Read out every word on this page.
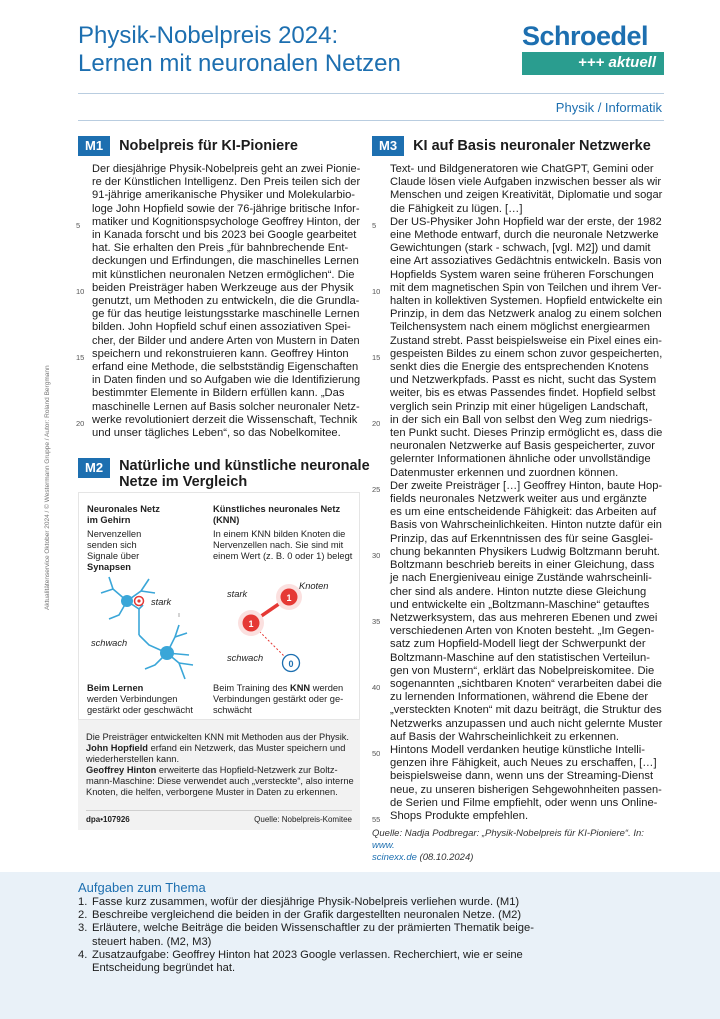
Physik-Nobelpreis 2024:
Lernen mit neuronalen Netzen
Schroedel
+++ aktuell
Physik / Informatik
Aktualitätenservice Oktober 2024 / © Westermann Gruppe / Autor: Roland Bergmann
M1	Nobelpreis für KI-Pioniere
5
10
15
20
Der diesjährige Physik-Nobelpreis geht an zwei Pionie-
re der Künstlichen Intelligenz. Den Preis teilen sich der
91-jährige amerikanische Physiker und Molekularbio-
loge John Hopfield sowie der 76-jährige britische Infor-
matiker und Kognitionspsychologe Geoffrey Hinton, der
in Kanada forscht und bis 2023 bei Google gearbeitet
hat. Sie erhalten den Preis „für bahnbrechende Ent-
deckungen und Erfindungen, die maschinelles Lernen
mit künstlichen neuronalen Netzen ermöglichen“. Die
beiden Preisträger haben Werkzeuge aus der Physik
genutzt, um Methoden zu entwickeln, die die Grundla-
ge für das heutige leistungsstarke maschinelle Lernen
bilden. John Hopfield schuf einen assoziativen Spei-
cher, der Bilder und andere Arten von Mustern in Daten
speichern und rekonstruieren kann. Geoffrey Hinton
erfand eine Methode, die selbstständig Eigenschaften
in Daten finden und so Aufgaben wie die Identifizierung
bestimmter Elemente in Bildern erfüllen kann. „Das
maschinelle Lernen auf Basis solcher neuronaler Netz-
werke revolutioniert derzeit die Wissenschaft, Technik
und unser tägliches Leben“, so das Nobelkomitee.
M2	Natürliche und künstliche neuronale
Netze im Vergleich
Neuronales Netz
im Gehirn
Nervenzellen
senden sich
Signale über
Synapsen
Künstliches neuronales Netz
(KNN)
In einem KNN bilden Knoten die
Nervenzellen nach. Sie sind mit
einem Wert (z. B. 0 oder 1) belegt
1
1
0
stark
schwach
Knoten
stark
schwach
Beim Lernen
werden Verbindungen
gestärkt oder geschwächt
Beim Training des KNN werden
Verbindungen gestärkt oder ge-
schwächt
Die Preisträger entwickelten KNN mit Methoden aus der Physik.
John Hopfield erfand ein Netzwerk, das Muster speichern und
wiederherstellen kann.
Geoffrey Hinton erweiterte das Hopfield-Netzwerk zur Boltz-
mann-Maschine: Diese verwendet auch „versteckte“, also interne
Knoten, die helfen, verborgene Muster in Daten zu erkennen.
dpa•107926	Quelle: Nobelpreis-Komitee
M3	KI auf Basis neuronaler Netzwerke
5
10
15
20
25
30
35
40
50
55
Text- und Bildgeneratoren wie ChatGPT, Gemini oder
Claude lösen viele Aufgaben inzwischen besser als wir
Menschen und zeigen Kreativität, Diplomatie und sogar
die Fähigkeit zu lügen. […]
Der US-Physiker John Hopfield war der erste, der 1982
eine Methode entwarf, durch die neuronale Netzwerke
Gewichtungen (stark - schwach, [vgl. M2]) und damit
eine Art assoziatives Gedächtnis entwickeln. Basis von
Hopfields System waren seine früheren Forschungen
mit dem magnetischen Spin von Teilchen und ihrem Ver-
halten in kollektiven Systemen. Hopfield entwickelte ein
Prinzip, in dem das Netzwerk analog zu einem solchen
Teilchensystem nach einem möglichst energiearmen
Zustand strebt. Passt beispielsweise ein Pixel eines ein-
gespeisten Bildes zu einem schon zuvor gespeicherten,
senkt dies die Energie des entsprechenden Knotens
und Netzwerkpfads. Passt es nicht, sucht das System
weiter, bis es etwas Passendes findet. Hopfield selbst
verglich sein Prinzip mit einer hügeligen Landschaft,
in der sich ein Ball von selbst den Weg zum niedrigs-
ten Punkt sucht. Dieses Prinzip ermöglicht es, dass die
neuronalen Netzwerke auf Basis gespeicherter, zuvor
gelernter Informationen ähnliche oder unvollständige
Datenmuster erkennen und zuordnen können.
Der zweite Preisträger […] Geoffrey Hinton, baute Hop-
fields neuronales Netzwerk weiter aus und ergänzte
es um eine entscheidende Fähigkeit: das Arbeiten auf
Basis von Wahrscheinlichkeiten. Hinton nutzte dafür ein
Prinzip, das auf Erkenntnissen des für seine Gasglei-
chung bekannten Physikers Ludwig Boltzmann beruht.
Boltzmann beschrieb bereits in einer Gleichung, dass
je nach Energieniveau einige Zustände wahrscheinli-
cher sind als andere. Hinton nutzte diese Gleichung
und entwickelte ein „Boltzmann-Maschine“ getauftes
Netzwerksystem, das aus mehreren Ebenen und zwei
verschiedenen Arten von Knoten besteht. „Im Gegen-
satz zum Hopfield-Modell liegt der Schwerpunkt der
Boltzmann-Maschine auf den statistischen Verteilun-
gen von Mustern“, erklärt das Nobelpreiskomitee. Die
sogenannten „sichtbaren Knoten“ verarbeiten dabei die
zu lernenden Informationen, während die Ebene der
„versteckten Knoten“ mit dazu beiträgt, die Struktur des
Netzwerks anzupassen und auch nicht gelernte Muster
auf Basis der Wahrscheinlichkeit zu erkennen.
Hintons Modell verdanken heutige künstliche Intelli-
genzen ihre Fähigkeit, auch Neues zu erschaffen, […]
beispielsweise dann, wenn uns der Streaming-Dienst
neue, zu unseren bisherigen Sehgewohnheiten passen-
de Serien und Filme empfiehlt, oder wenn uns Online-
Shops Produkte empfehlen.
Quelle: Nadja Podbregar: „Physik-Nobelpreis für KI-Pioniere“. In: www.
scinexx.de (08.10.2024)
Aufgaben zum Thema
1. Fasse kurz zusammen, wofür der diesjährige Physik-Nobelpreis verliehen wurde. (M1)
2. Beschreibe vergleichend die beiden in der Grafik dargestellten neuronalen Netze. (M2)
3. Erläutere, welche Beiträge die beiden Wissenschaftler zu der prämierten Thematik beige-
steuert haben. (M2, M3)
4. Zusatzaufgabe: Geoffrey Hinton hat 2023 Google verlassen. Recherchiert, wie er seine
Entscheidung begründet hat.
